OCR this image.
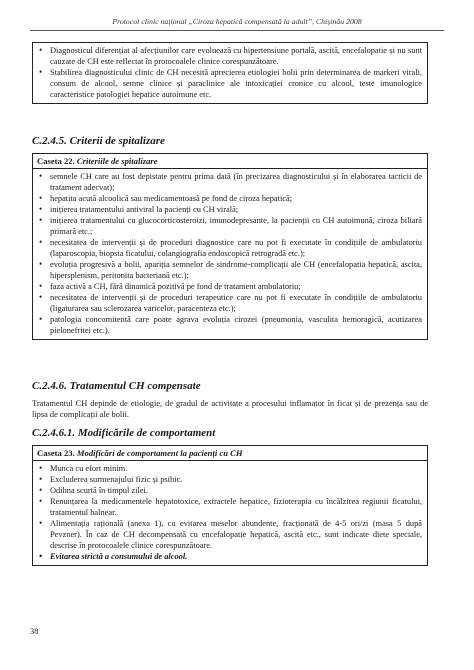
Protocol clinic național „Ciroza hepatică compensată la adult”, Chișinău 2008
• Diagnosticul diferențiat al afecțiunilor care evoluează cu hipertensiune portală, ascită, encefalopatie și nu sunt cauzate de CH este reflectat în protocoalele clinice corespunzătoare.
• Stabilirea diagnosticului clinic de CH necesită aprecierea etiologiei bolii prin determinarea de markeri virali, consum de alcool, semne clinice și paraclinice ale intoxicației cronice cu alcool, teste imunologice caracteristice patologiei hepatice autoimune etc.
C.2.4.5. Criterii de spitalizare
Caseta 22. Criteriile de spitalizare
• semnele CH care au fost depistate pentru prima dată (în precizarea diagnosticului și în elaborarea tacticii de tratament adecvat);
• hepatita acută alcoolică sau medicamentoasă pe fond de ciroza hepatică;
• inițierea tratamentului antiviral la pacienți cu CH virală;
• inițierea tratamentului cu glucocorticosteroizi, imunodepresante, la pacienții cu CH autoimună, ciroza biliară primară etc.;
• necesitatea de intervenții și de proceduri diagnostice care nu pot fi executate în condițiile de ambulatoriu (laparoscopia, biopsia ficatului, colangiografia endoscopică retrogradă etc.);
• evoluția progresivă a bolii, apariția semnelor de sindrome-complicații ale CH (encefalopatia hepatică, ascita, hipersplenism, peritonita bacteriană etc.);
• faza activă a CH, fără dinamică pozitivă pe fond de tratament ambulatoriu;
• necesitatea de intervenții și de proceduri terapeutice care nu pot fi executate în condițiile de ambulatoriu (ligaturarea sau sclerozarea varicelor, paracenteza etc.);
• patologia concomitentă care poate agrava evoluția cirozei (pneumonia, vasculita hemoragică, acutizarea pielonefritei etc.).
C.2.4.6. Tratamentul CH compensate
Tratamentul CH depinde de etiologie, de gradul de activitate a procesului inflamator în ficat și de prezența sau de lipsa de complicații ale bolii.
C.2.4.6.1. Modificările de comportament
Caseta 23. Modificări de comportament la pacienți cu CH
• Munca cu efort minim.
• Excluderea surmenajului fizic și psihic.
• Odihna scurtă în timpul zilei.
• Renunțarea la medicamentele hepatotoxice, extractele hepatice, fizioterapia cu încălzirea regiunii ficatului, tratamentul balnear.
• Alimentația rațională (anexa 1), cu evitarea meselor abundente, fracționată de 4-5 ori/zi (masa 5 după Pevzner). În caz de CH decompensată cu encefalopatie hepatică, ascită etc., sunt indicate diete speciale, descrise în protocoalele clinice corespunzătoare.
• Evitarea strictă a consumului de alcool.
38
